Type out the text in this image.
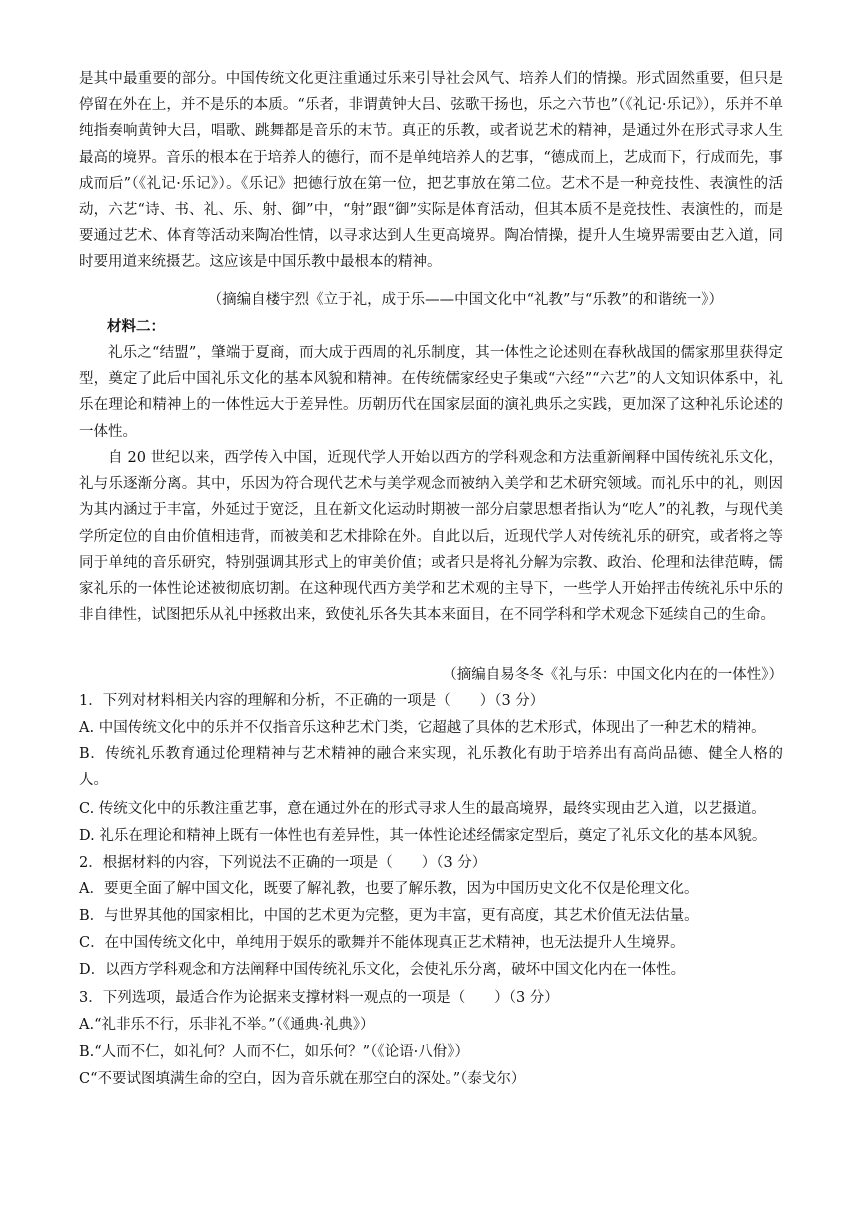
是其中最重要的部分。中国传统文化更注重通过乐来引导社会风气、培养人们的情操。形式固然重要，但只是停留在外在上，并不是乐的本质。“乐者，非谓黄钟大吕、弦歌干扬也，乐之六节也”（《礼记·乐记》），乐并不单纯指奏响黄钟大吕，唱歌、跳舞都是音乐的末节。真正的乐教，或者说艺术的精神，是通过外在形式寻求人生最高的境界。音乐的根本在于培养人的德行，而不是单纯培养人的艺事，“德成而上，艺成而下，行成而先，事成而后”（《礼记·乐记》）。《乐记》把德行放在第一位，把艺事放在第二位。艺术不是一种竞技性、表演性的活动，六艺“诗、书、礼、乐、射、御”中，“射”跟“御”实际是体育活动，但其本质不是竞技性、表演性的，而是要通过艺术、体育等活动来陶冶性情，以寻求达到人生更高境界。陶冶情操，提升人生境界需要由艺入道，同时要用道来统摄艺。这应该是中国乐教中最根本的精神。

（摘编自楼宇烈《立于礼，成于乐——中国文化中“礼教”与“乐教”的和谐统一》）

材料二：

礼乐之“结盟”，肇端于夏商，而大成于西周的礼乐制度，其一体性之论述则在春秋战国的儒家那里获得定型，奠定了此后中国礼乐文化的基本风貌和精神。在传统儒家经史子集或“六经”“六艺”的人文知识体系中，礼乐在理论和精神上的一体性远大于差异性。历朝历代在国家层面的演礼典乐之实践，更加深了这种礼乐论述的一体性。

自 20 世纪以来，西学传入中国，近现代学人开始以西方的学科观念和方法重新阐释中国传统礼乐文化，礼与乐逐渐分离。其中，乐因为符合现代艺术与美学观念而被纳入美学和艺术研究领域。而礼乐中的礼，则因为其内涵过于丰富，外延过于宽泛，且在新文化运动时期被一部分启蒙思想者指认为“吃人”的礼教，与现代美学所定位的自由价值相违背，而被美和艺术排除在外。自此以后，近现代学人对传统礼乐的研究，或者将之等同于单纯的音乐研究，特别强调其形式上的审美价值；或者只是将礼分解为宗教、政治、伦理和法律范畴，儒家礼乐的一体性论述被彻底切割。在这种现代西方美学和艺术观的主导下，一些学人开始抨击传统礼乐中乐的非自律性，试图把乐从礼中拯救出来，致使礼乐各失其本来面目，在不同学科和学术观念下延续自己的生命。

（摘编自易冬冬《礼与乐：中国文化内在的一体性》）

1．下列对材料相关内容的理解和分析，不正确的一项是（　　）（3 分）

A. 中国传统文化中的乐并不仅指音乐这种艺术门类，它超越了具体的艺术形式，体现出了一种艺术的精神。

B．传统礼乐教育通过伦理精神与艺术精神的融合来实现，礼乐教化有助于培养出有高尚品德、健全人格的人。

C. 传统文化中的乐教注重艺事，意在通过外在的形式寻求人生的最高境界，最终实现由艺入道，以艺摄道。

D. 礼乐在理论和精神上既有一体性也有差异性，其一体性论述经儒家定型后，奠定了礼乐文化的基本风貌。

2．根据材料的内容，下列说法不正确的一项是（　　）（3 分）

A．要更全面了解中国文化，既要了解礼教，也要了解乐教，因为中国历史文化不仅是伦理文化。

B．与世界其他的国家相比，中国的艺术更为完整，更为丰富，更有高度，其艺术价值无法估量。

C．在中国传统文化中，单纯用于娱乐的歌舞并不能体现真正艺术精神，也无法提升人生境界。

D．以西方学科观念和方法阐释中国传统礼乐文化，会使礼乐分离，破坏中国文化内在一体性。

3．下列选项，最适合作为论据来支撑材料一观点的一项是（　　）（3 分）

A.“礼非乐不行，乐非礼不举。”（《通典·礼典》）

B.“人而不仁，如礼何？人而不仁，如乐何？”（《论语·八佾》）

C“不要试图填满生命的空白，因为音乐就在那空白的深处。”（泰戈尔）
